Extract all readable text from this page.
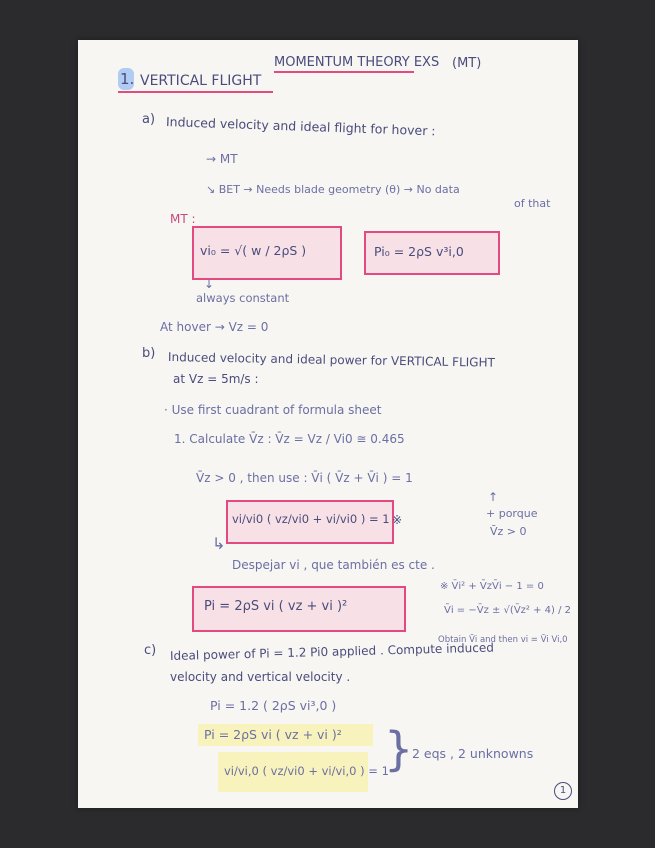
MOMENTUM THEORY EXS (MT)
1. VERTICAL FLIGHT
a) Induced velocity and ideal flight for hover :
→ MT
↘ BET → Needs blade geometry (θ) → No data
of that
MT :
vi₀ = √( w / 2ρS )	Pi₀ = 2ρS v³i,0
↓
always constant
At hover → Vz = 0
b) Induced velocity and ideal power for VERTICAL FLIGHT
at Vz = 5m/s :
· Use first cuadrant of formula sheet
1. Calculate V̄z : V̄z = Vz / Vi0 ≅ 0.465
V̄z > 0 , then use : V̄i ( V̄z + V̄i ) = 1
↑
+ porque
V̄z > 0
vi/vi0 ( vz/vi0 + vi/vi0 ) = 1 ※
↳
Despejar vi , que también es cte .
Pi = 2ρS vi ( vz + vi )²
※ V̄i² + V̄zV̄i − 1 = 0
V̄i = −V̄z ± √(V̄z² + 4) / 2
Obtain V̄i and then vi = V̄i Vi,0
c) Ideal power of Pi = 1.2 Pi0 applied . Compute induced
velocity and vertical velocity .
Pi = 1.2 ( 2ρS vi³,0 )
Pi = 2ρS vi ( vz + vi )²
vi/vi,0 ( vz/vi0 + vi/vi,0 ) = 1
}
2 eqs , 2 unknowns
1
